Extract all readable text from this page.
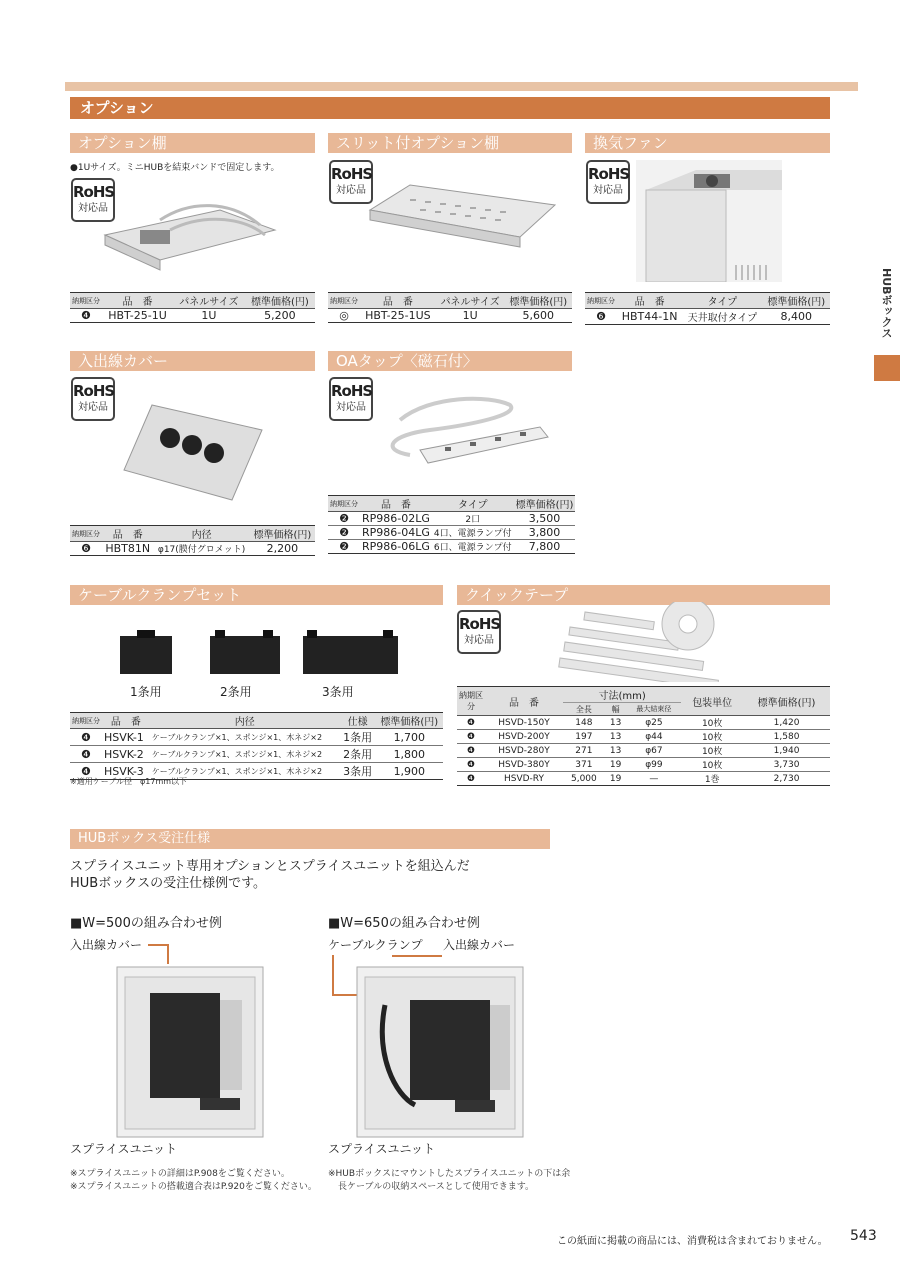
オプション
HUBボックス
オプション棚
●1Uサイズ。ミニHUBを結束バンドで固定します。
RoHS
対応品
納期区分	品　番	パネルサイズ	標準価格(円)
❹	HBT-25-1U	1U	5,200
スリット付オプション棚
RoHS
対応品
納期区分	品　番	パネルサイズ	標準価格(円)
◎	HBT-25-1US	1U	5,600
換気ファン
RoHS
対応品
納期区分	品　番	タイプ	標準価格(円)
❻	HBT44-1N	天井取付タイプ	8,400
入出線カバー
RoHS
対応品
納期区分	品　番	内径	標準価格(円)
❻	HBT81N	φ17(膜付グロメット)	2,200
OAタップ〈磁石付〉
RoHS
対応品
納期区分	品　番	タイプ	標準価格(円)
❷	RP986-02LG	2口	3,500
❷	RP986-04LG	4口、電源ランプ付	3,800
❷	RP986-06LG	6口、電源ランプ付	7,800
ケーブルクランプセット
1条用	2条用	3条用
納期区分	品　番	内径	仕様	標準価格(円)
❹	HSVK-1	ケーブルクランプ×1、スポンジ×1、木ネジ×2	1条用	1,700
❹	HSVK-2	ケーブルクランプ×1、スポンジ×1、木ネジ×2	2条用	1,800
❹	HSVK-3	ケーブルクランプ×1、スポンジ×1、木ネジ×2	3条用	1,900
※適用ケーブル径　φ17mm以下
クイックテープ
RoHS
対応品
納期区分	品　番	寸法(mm)			包装単位	標準価格(円)
		全長	幅	最大結束径		
❹	HSVD-150Y	148	13	φ25	10枚	1,420
❹	HSVD-200Y	197	13	φ44	10枚	1,580
❹	HSVD-280Y	271	13	φ67	10枚	1,940
❹	HSVD-380Y	371	19	φ99	10枚	3,730
❹	HSVD-RY	5,000	19	—	1巻	2,730
HUBボックス受注仕様
スプライスユニット専用オプションとスプライスユニットを組込んだ
HUBボックスの受注仕様例です。
■W=500の組み合わせ例
入出線カバー
スプライスユニット
※スプライスユニットの詳細はP.908をご覧ください。
※スプライスユニットの搭載適合表はP.920をご覧ください。
■W=650の組み合わせ例
ケーブルクランプ 入出線カバー
スプライスユニット
※HUBボックスにマウントしたスプライスユニットの下は余
長ケーブルの収納スペースとして使用できます。
この紙面に掲載の商品には、消費税は含まれておりません。 543
